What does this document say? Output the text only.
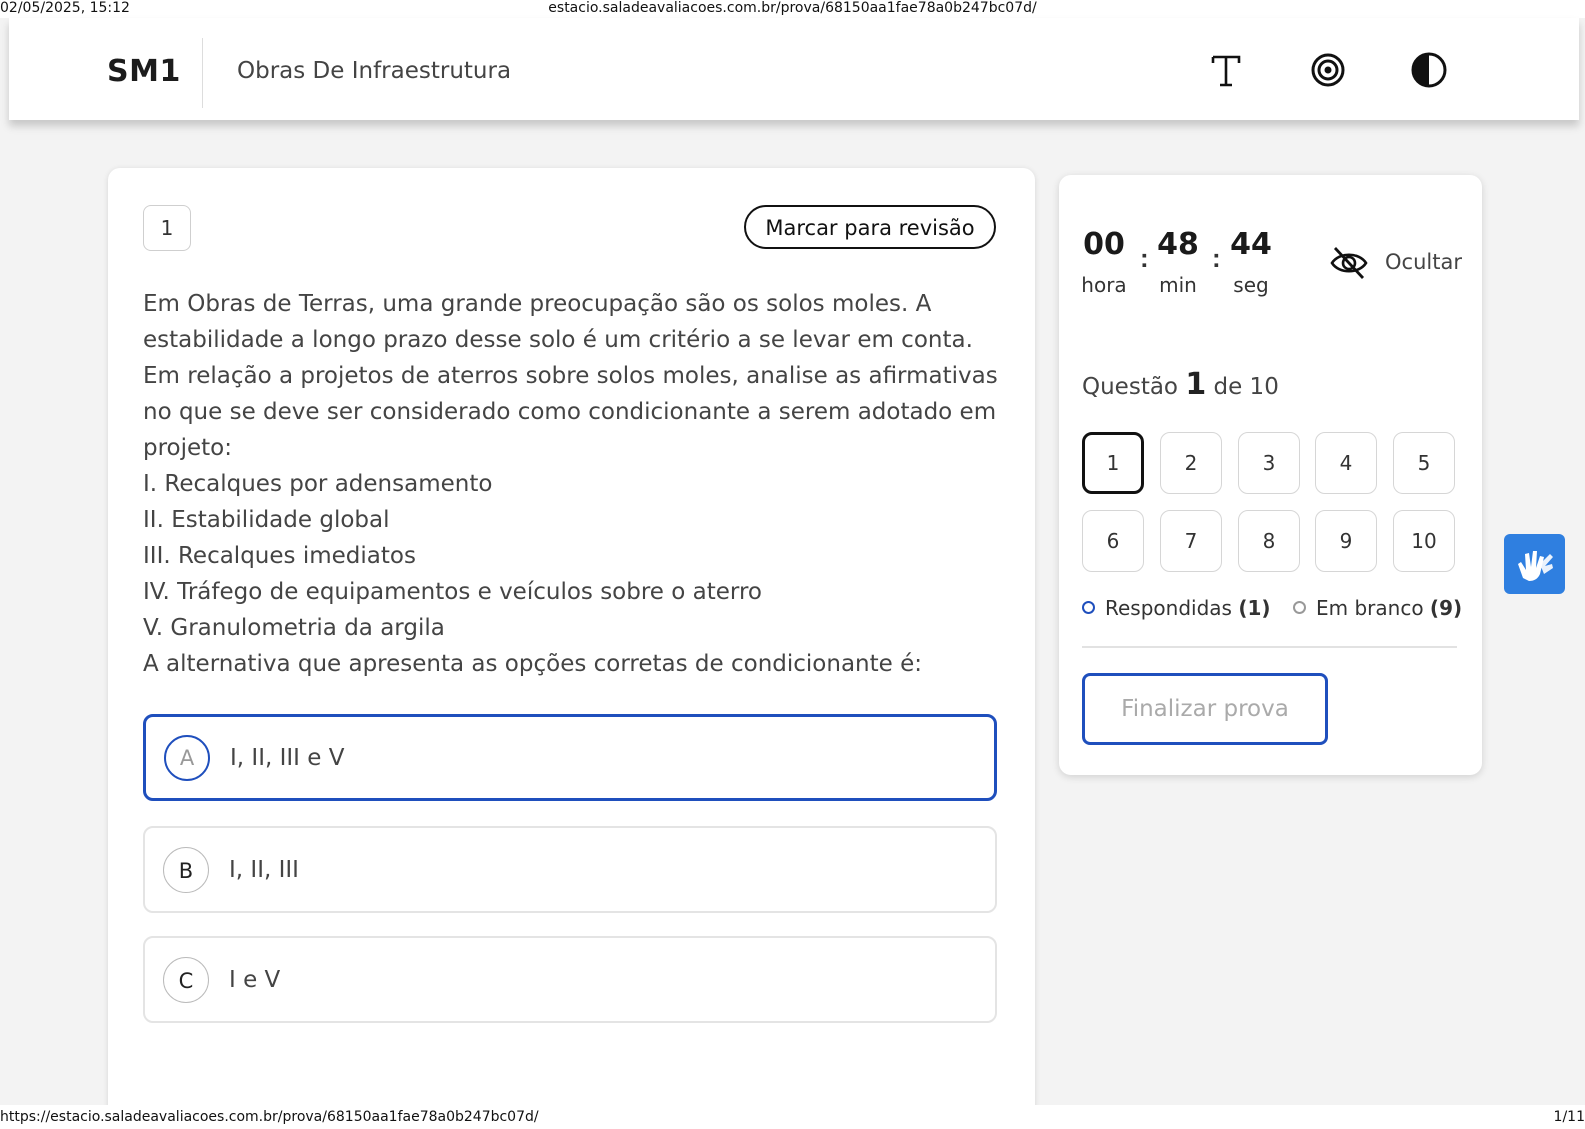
02/05/2025, 15:12	estacio.saladeavaliacoes.com.br/prova/68150aa1fae78a0b247bc07d/
SM1 Obras De Infraestrutura
1	Marcar para revisão

Em Obras de Terras, uma grande preocupação são os solos moles. A estabilidade a longo prazo desse solo é um critério a se levar em conta. Em relação a projetos de aterros sobre solos moles, analise as afirmativas no que se deve ser considerado como condicionante a serem adotado em projeto:

I. Recalques por adensamento

II. Estabilidade global

III. Recalques imediatos

IV. Tráfego de equipamentos e veículos sobre o aterro

V. Granulometria da argila

A alternativa que apresenta as opções corretas de condicionante é:

A	I, II, III e V
B	I, II, III
C	I e V
00
hora
: 48
min
: 44
seg
Ocultar
Questão 1 de 10
1	2	3	4	5
6	7	8	9	10
Respondidas (1)	Em branco (9)
Finalizar prova
https://estacio.saladeavaliacoes.com.br/prova/68150aa1fae78a0b247bc07d/	1/11
